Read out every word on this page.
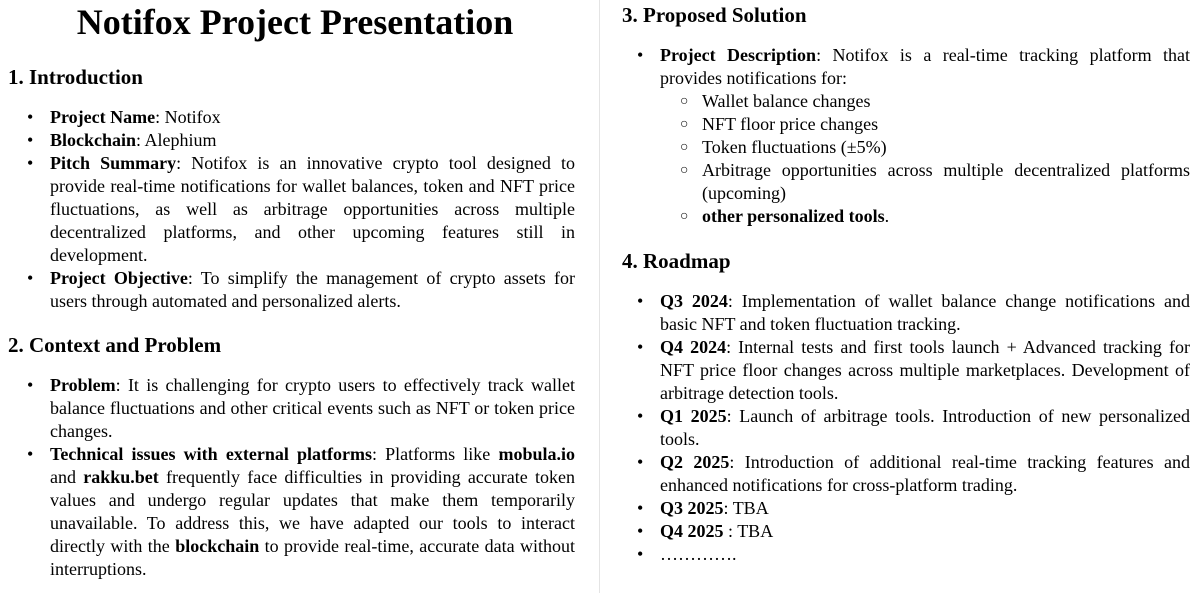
Notifox Project Presentation
1. Introduction
• Project Name: Notifox
• Blockchain: Alephium
• Pitch Summary: Notifox is an innovative crypto tool designed to provide real-time notifications for wallet balances, token and NFT price fluctuations, as well as arbitrage opportunities across multiple decentralized platforms, and other upcoming features still in development.
• Project Objective: To simplify the management of crypto assets for users through automated and personalized alerts.
2. Context and Problem
• Problem: It is challenging for crypto users to effectively track wallet balance fluctuations and other critical events such as NFT or token price changes.
• Technical issues with external platforms: Platforms like mobula.io and rakku.bet frequently face difficulties in providing accurate token values and undergo regular updates that make them temporarily unavailable. To address this, we have adapted our tools to interact directly with the blockchain to provide real-time, accurate data without interruptions.
3. Proposed Solution
• Project Description: Notifox is a real-time tracking platform that provides notifications for:
○ Wallet balance changes
○ NFT floor price changes
○ Token fluctuations (±5%)
○ Arbitrage opportunities across multiple decentralized platforms (upcoming)
○ other personalized tools.
4. Roadmap
• Q3 2024: Implementation of wallet balance change notifications and basic NFT and token fluctuation tracking.
• Q4 2024: Internal tests and first tools launch + Advanced tracking for NFT price floor changes across multiple marketplaces. Development of arbitrage detection tools.
• Q1 2025: Launch of arbitrage tools. Introduction of new personalized tools.
• Q2 2025: Introduction of additional real-time tracking features and enhanced notifications for cross-platform trading.
• Q3 2025: TBA
• Q4 2025 : TBA
• ………….
